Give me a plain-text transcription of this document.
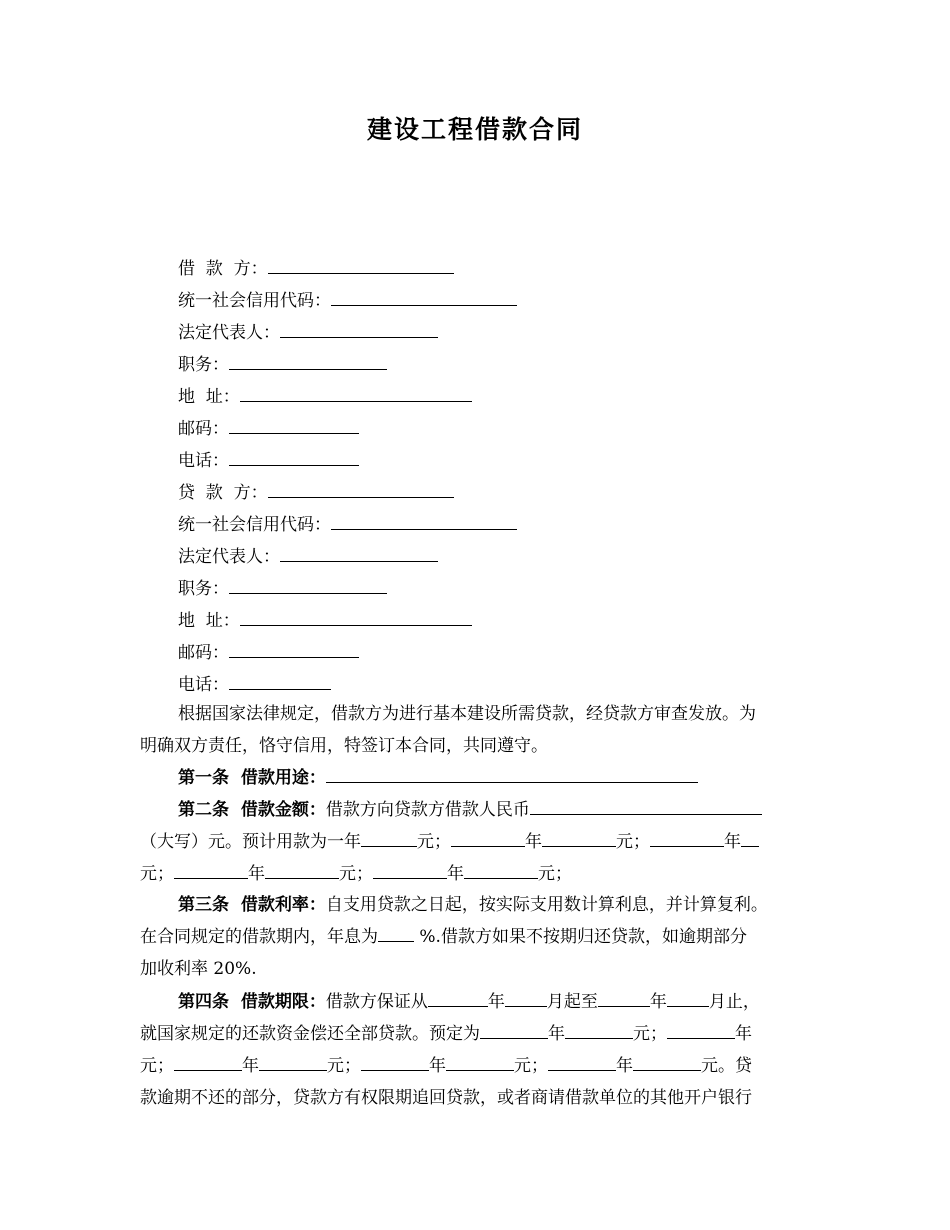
建设工程借款合同
借  款  方：
统一社会信用代码：
法定代表人：
职务：
地  址：
邮码：
电话：
贷  款  方：
统一社会信用代码：
法定代表人：
职务：
地  址：
邮码：
电话：
根据国家法律规定，借款方为进行基本建设所需贷款，经贷款方审查发放。为
明确双方责任，恪守信用，特签订本合同，共同遵守。
第一条  借款用途：
第二条  借款金额：借款方向贷款方借款人民币
（大写）元。预计用款为一年	元；	年	元；	年
元；	年	元；	年	元；
第三条  借款利率：自支用贷款之日起，按实际支用数计算利息，并计算复利。
在合同规定的借款期内，年息为 %.借款方如果不按期归还贷款，如逾期部分
加收利率 20%.
第四条  借款期限：借款方保证从	年 月起至	年 月止，
就国家规定的还款资金偿还全部贷款。预定为	年	元；	年
元；	年	元；	年	元；	年	元。贷
款逾期不还的部分，贷款方有权限期追回贷款，或者商请借款单位的其他开户银行
